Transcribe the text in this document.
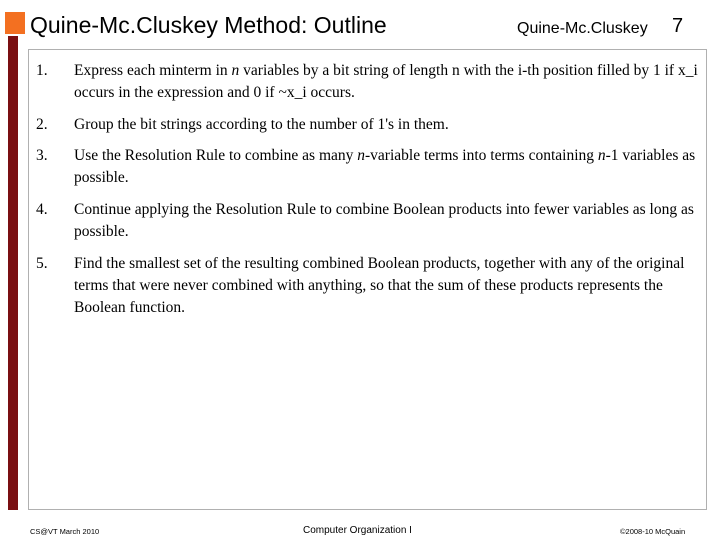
Quine-Mc.Cluskey Method: Outline	Quine-Mc.Cluskey 7
1. Express each minterm in n variables by a bit string of length n with the i-th position filled by 1 if x_i occurs in the expression and 0 if ~x_i occurs.
2. Group the bit strings according to the number of 1's in them.
3. Use the Resolution Rule to combine as many n-variable terms into terms containing n-1 variables as possible.
4. Continue applying the Resolution Rule to combine Boolean products into fewer variables as long as possible.
5. Find the smallest set of the resulting combined Boolean products, together with any of the original terms that were never combined with anything, so that the sum of these products represents the Boolean function.
CS@VT March 2010	Computer Organization I	©2008-10 McQuain
